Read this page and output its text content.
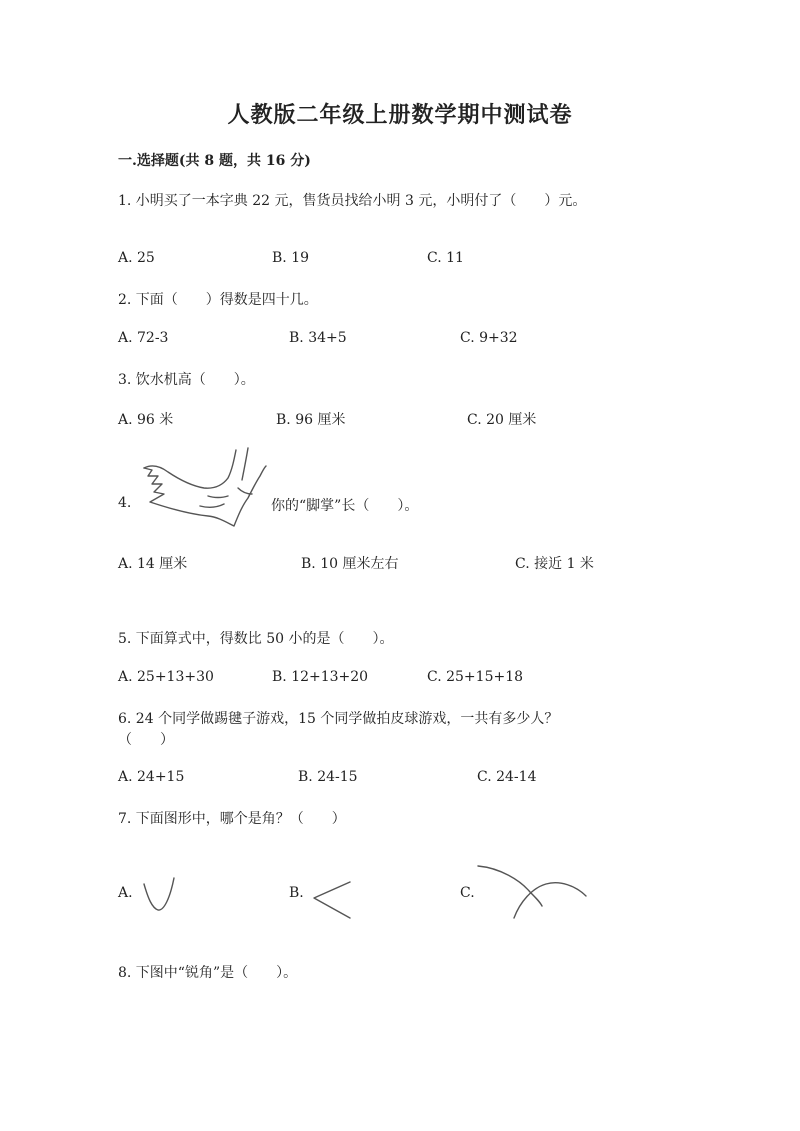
人教版二年级上册数学期中测试卷
一.选择题(共 8 题，共 16 分)
1. 小明买了一本字典 22 元，售货员找给小明 3 元，小明付了（　　）元。
A. 25	B. 19	C. 11
2. 下面（　　）得数是四十几。
A. 72-3	B. 34+5	C. 9+32
3. 饮水机高（　　）。
A. 96 米	B. 96 厘米	C. 20 厘米
4.	你的“脚掌”长（　　）。
A. 14 厘米	B. 10 厘米左右	C. 接近 1 米
5. 下面算式中，得数比 50 小的是（　　）。
A. 25+13+30	B. 12+13+20	C. 25+15+18
6. 24 个同学做踢毽子游戏，15 个同学做拍皮球游戏，一共有多少人？
（　　）
A. 24+15	B. 24-15	C. 24-14
7. 下面图形中，哪个是角？（　　）
A.	B.	C.
8. 下图中“锐角”是（　　）。
